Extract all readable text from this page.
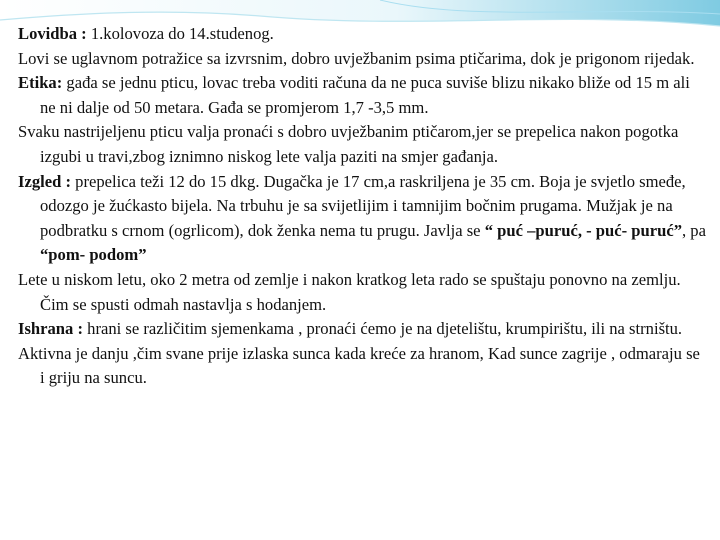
Lovidba : 1.kolovoza do 14.studenog.

Lovi se uglavnom potražice sa izvrsnim, dobro uvježbanim psima ptičarima, dok je prigonom rijedak.

Etika: gađa se jednu pticu, lovac treba voditi računa da ne puca suviše blizu nikako bliže od 15 m ali ne ni dalje od 50 metara. Gađa se promjerom 1,7 -3,5 mm.

Svaku nastrijeljenu pticu valja pronaći s dobro uvježbanim ptičarom,jer se prepelica nakon pogotka izgubi u travi,zbog iznimno niskog lete valja paziti na smjer gađanja.

Izgled : prepelica teži 12 do 15 dkg. Dugačka je 17 cm,a raskriljena je 35 cm. Boja je svjetlo smeđe, odozgo je žućkasto bijela. Na trbuhu je sa svijetlijim i tamnijim bočnim prugama. Mužjak je na podbratku s crnom (ogrlicom), dok ženka nema tu prugu. Javlja se “ puć –puruć, - puć- puruć”, pa “pom- podom”

Lete u niskom letu, oko 2 metra od zemlje i nakon kratkog leta rado se spuštaju ponovno na zemlju. Čim se spusti odmah nastavlja s hodanjem.

Ishrana : hrani se različitim sjemenkama , pronaći ćemo je na djetelištu, krumpirištu, ili na strništu.

Aktivna je danju ,čim svane prije izlaska sunca kada kreće za hranom, Kad sunce zagrije , odmaraju se i griju na suncu.
